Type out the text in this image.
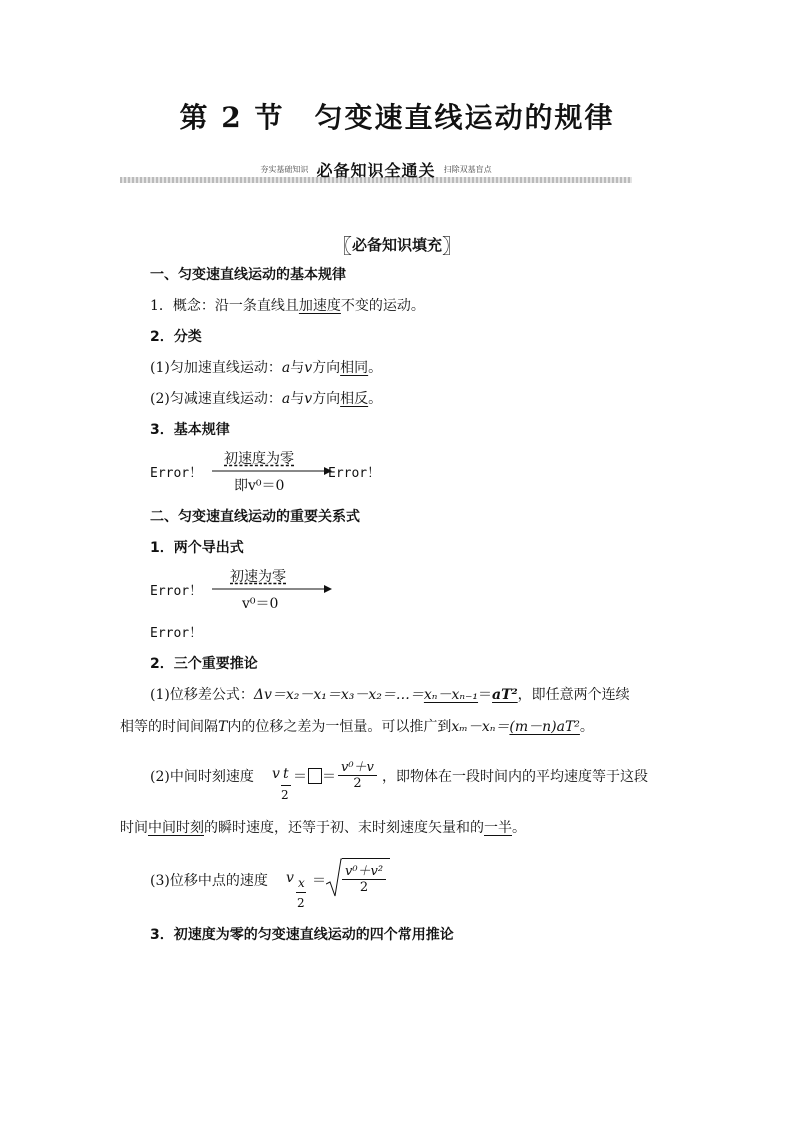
第 2 节　匀变速直线运动的规律
夯实基础知识 必备知识全通关 扫除双基盲点
〖必备知识填充〗
一、匀变速直线运动的基本规律
1．概念：沿一条直线且加速度不变的运动。
2．分类
(1)匀加速直线运动：a与v方向相同。
(2)匀减速直线运动：a与v方向相反。
3．基本规律
Error！
初速度为零
即v⁰＝0
Error！
二、匀变速直线运动的重要关系式
1．两个导出式
Error！
初速为零
v⁰＝0
Error！
2．三个重要推论
(1)位移差公式：Δv＝x₂－x₁＝x₃－x₂＝…＝xₙ－xₙ₋₁＝aT²，即任意两个连续
相等的时间间隔T内的位移之差为一恒量。可以推广到xₘ－xₙ＝(m－n)aT²。
(2)中间时刻速度 v t
2
＝ ＝ $\frac{\text{v⁰＋v}}{2}$ ，即物体在一段时间内的平均速度等于这段
时间中间时刻的瞬时速度，还等于初、末时刻速度矢量和的一半。
(3)位移中点的速度 v x
2
＝ $\frac{\text{v⁰＋v²}}{2}$
3．初速度为零的匀变速直线运动的四个常用推论
